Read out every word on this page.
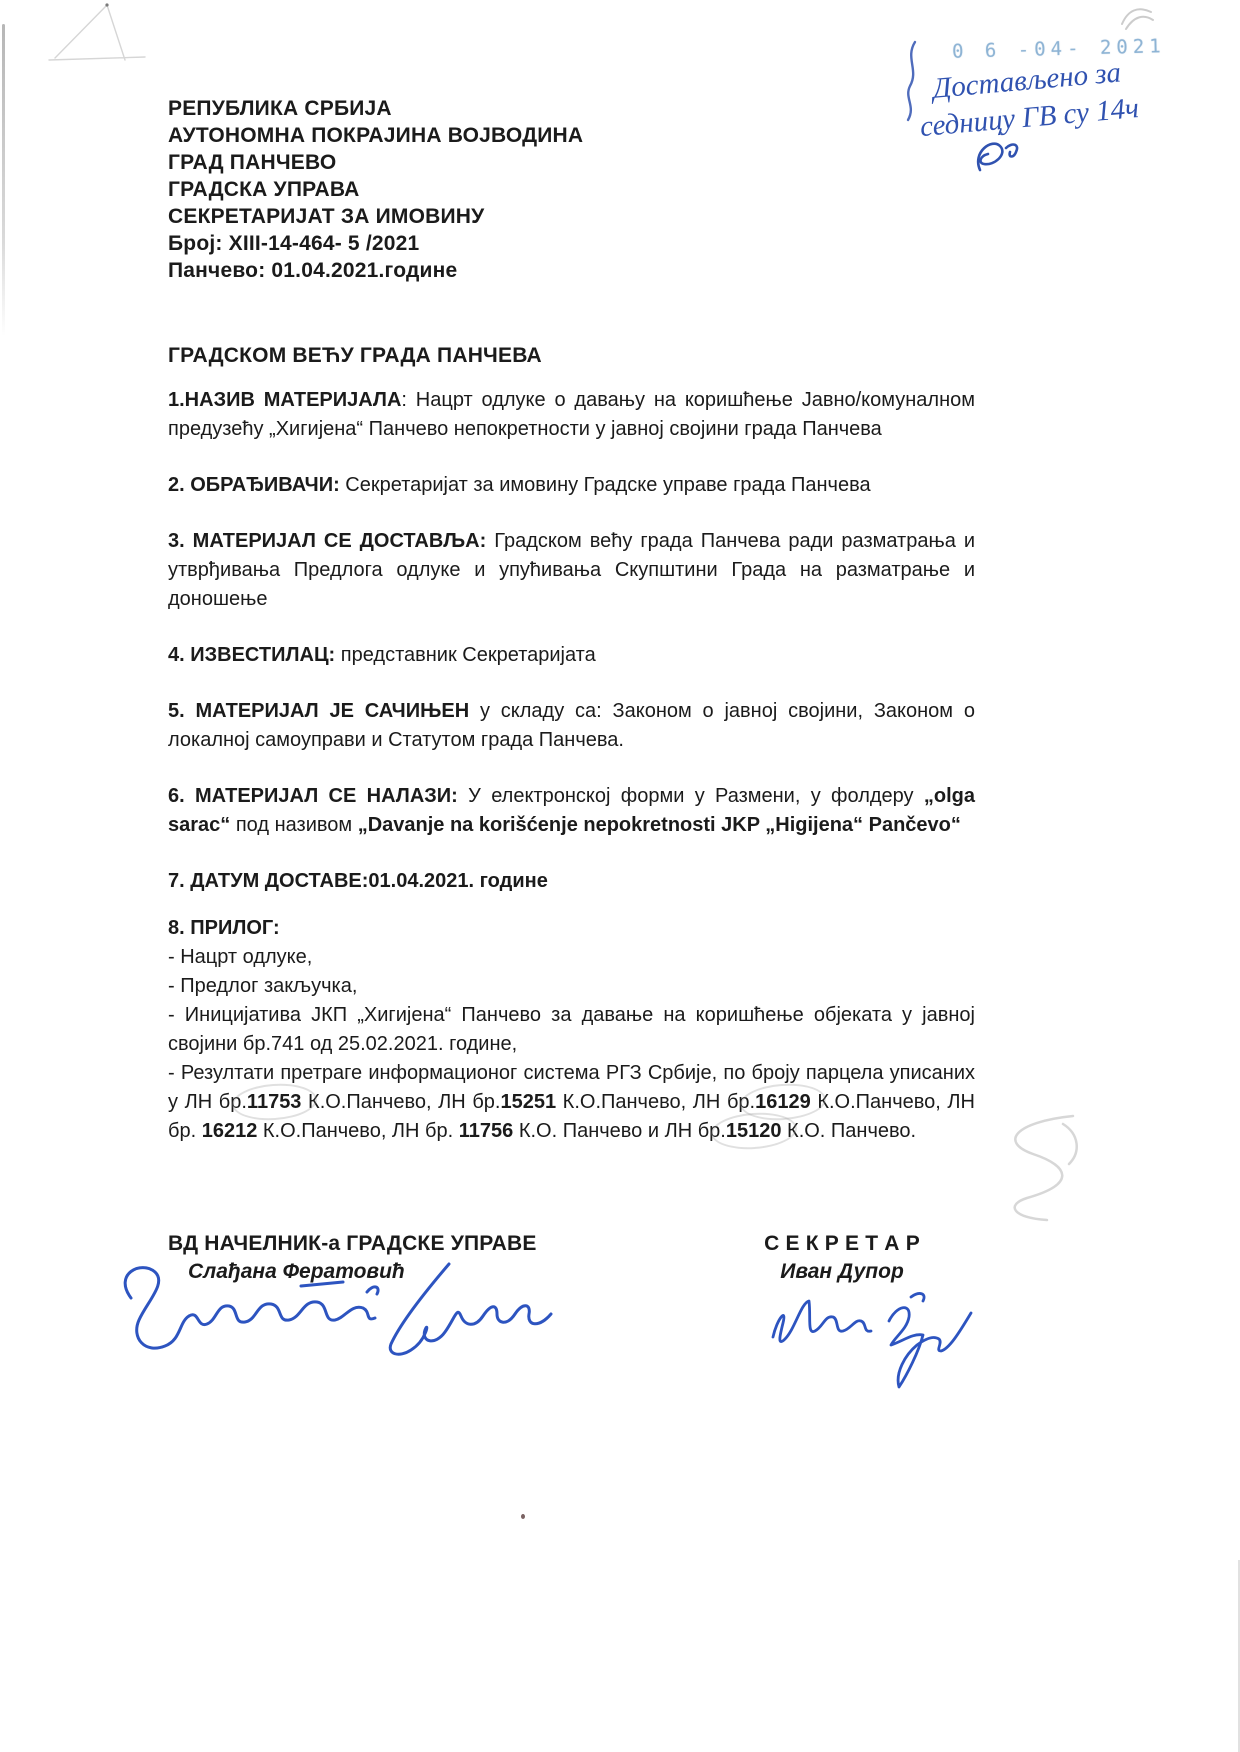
0 6 -04- 2021
Достављено за
седницу ГВ су 14ч
РЕПУБЛИКА СРБИЈА
АУТОНОМНА ПОКРАЈИНА ВОЈВОДИНА
ГРАД ПАНЧЕВО
ГРАДСКА УПРАВА
СЕКРЕТАРИЈАТ ЗА ИМОВИНУ
Број: XIII-14-464- 5 /2021
Панчево: 01.04.2021.године
ГРАДСКОМ ВЕЋУ ГРАДА ПАНЧЕВА

1.НАЗИВ МАТЕРИЈАЛА: Нацрт одлуке о давању на коришћење Јавно/комуналном предузећу „Хигијена“ Панчево непокретности у јавној својини града Панчева

2. ОБРАЂИВАЧИ: Секретаријат за имовину Градске управе града Панчева

3. МАТЕРИЈАЛ СЕ ДОСТАВЉА: Градском већу града Панчева ради разматрања и утврђивања Предлога одлуке и упућивања Скупштини Града на разматрање и доношење

4. ИЗВЕСТИЛАЦ: представник Секретаријата

5. МАТЕРИЈАЛ ЈЕ САЧИЊЕН у складу са: Законом о јавној својини, Законом о локалној самоуправи и Статутом града Панчева.

6. МАТЕРИЈАЛ СЕ НАЛАЗИ: У електронској форми у Размени, у фолдеру „olga sarac“ под називом „Davanje na korišćenje nepokretnosti JKP „Higijena“ Pančevo“

7. ДАТУМ ДОСТАВЕ:01.04.2021. године

8. ПРИЛОГ:

- Нацрт одлуке,

- Предлог закључка,

- Иницијатива ЈКП „Хигијена“ Панчево за давање на коришћење објеката у јавној својини бр.741 од 25.02.2021. године,

- Резултати претраге информационог система РГЗ Србије, по броју парцела уписаних у ЛН бр.11753 К.О.Панчево, ЛН бр.15251 К.О.Панчево, ЛН бр.16129 К.О.Панчево, ЛН бр. 16212 К.О.Панчево, ЛН бр. 11756 К.О. Панчево и ЛН бр.15120 К.О. Панчево.

ВД НАЧЕЛНИК-а ГРАДСКЕ УПРАВЕ
Слађана Фератовић
С Е К Р Е Т А Р
Иван Дупор
